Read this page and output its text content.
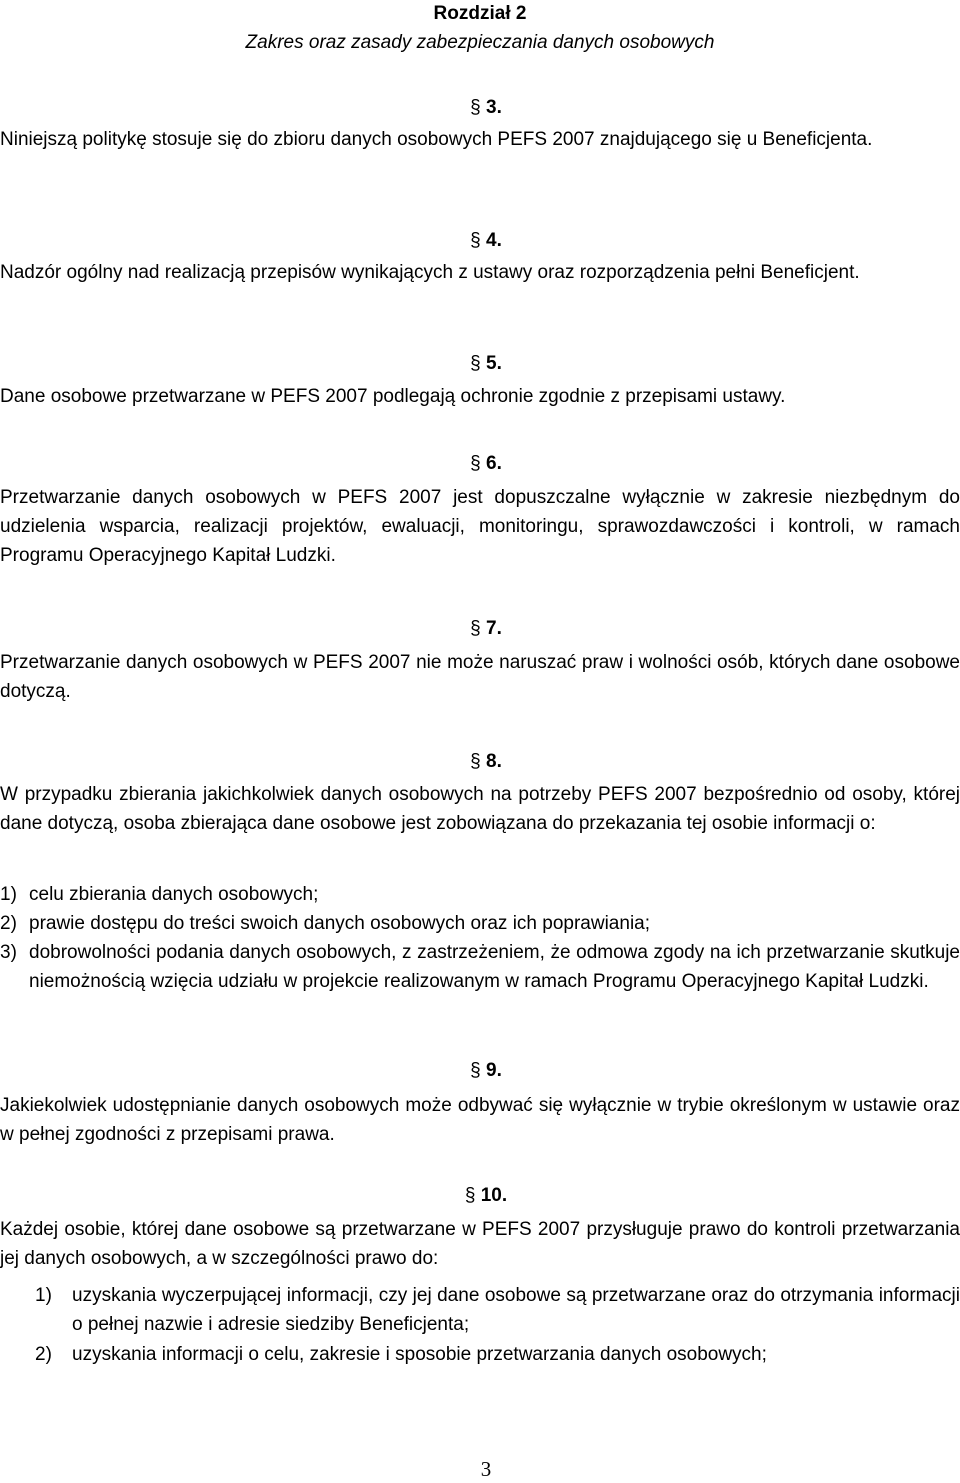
Rozdział 2
Zakres oraz zasady zabezpieczania danych osobowych
§ 3.

Niniejszą politykę stosuje się do zbioru danych osobowych PEFS 2007 znajdującego się u Beneficjenta.

§ 4.

Nadzór ogólny nad realizacją przepisów wynikających z ustawy oraz rozporządzenia pełni Beneficjent.

§ 5.

Dane osobowe przetwarzane w PEFS 2007 podlegają ochronie zgodnie z przepisami ustawy.

§ 6.

Przetwarzanie danych osobowych w PEFS 2007 jest dopuszczalne wyłącznie w zakresie niezbędnym do udzielenia wsparcia, realizacji projektów, ewaluacji, monitoringu, sprawozdawczości i kontroli, w ramach Programu Operacyjnego Kapitał Ludzki.

§ 7.

Przetwarzanie danych osobowych w PEFS 2007 nie może naruszać praw i wolności osób, których dane osobowe dotyczą.

§ 8.

W przypadku zbierania jakichkolwiek danych osobowych na potrzeby PEFS 2007 bezpośrednio od osoby, której dane dotyczą, osoba zbierająca dane osobowe jest zobowiązana do przekazania tej osobie informacji o:

1) celu zbierania danych osobowych;
2) prawie dostępu do treści swoich danych osobowych oraz ich poprawiania;
3) dobrowolności podania danych osobowych, z zastrzeżeniem, że odmowa zgody na ich przetwarzanie skutkuje niemożnością wzięcia udziału w projekcie realizowanym w ramach Programu Operacyjnego Kapitał Ludzki.
§ 9.

Jakiekolwiek udostępnianie danych osobowych może odbywać się wyłącznie w trybie określonym w ustawie oraz w pełnej zgodności z przepisami prawa.

§ 10.

Każdej osobie, której dane osobowe są przetwarzane w PEFS 2007 przysługuje prawo do kontroli przetwarzania jej danych osobowych, a w szczególności prawo do:

1) uzyskania wyczerpującej informacji, czy jej dane osobowe są przetwarzane oraz do otrzymania informacji o pełnej nazwie i adresie siedziby Beneficjenta;
2) uzyskania informacji o celu, zakresie i sposobie przetwarzania danych osobowych;
3
